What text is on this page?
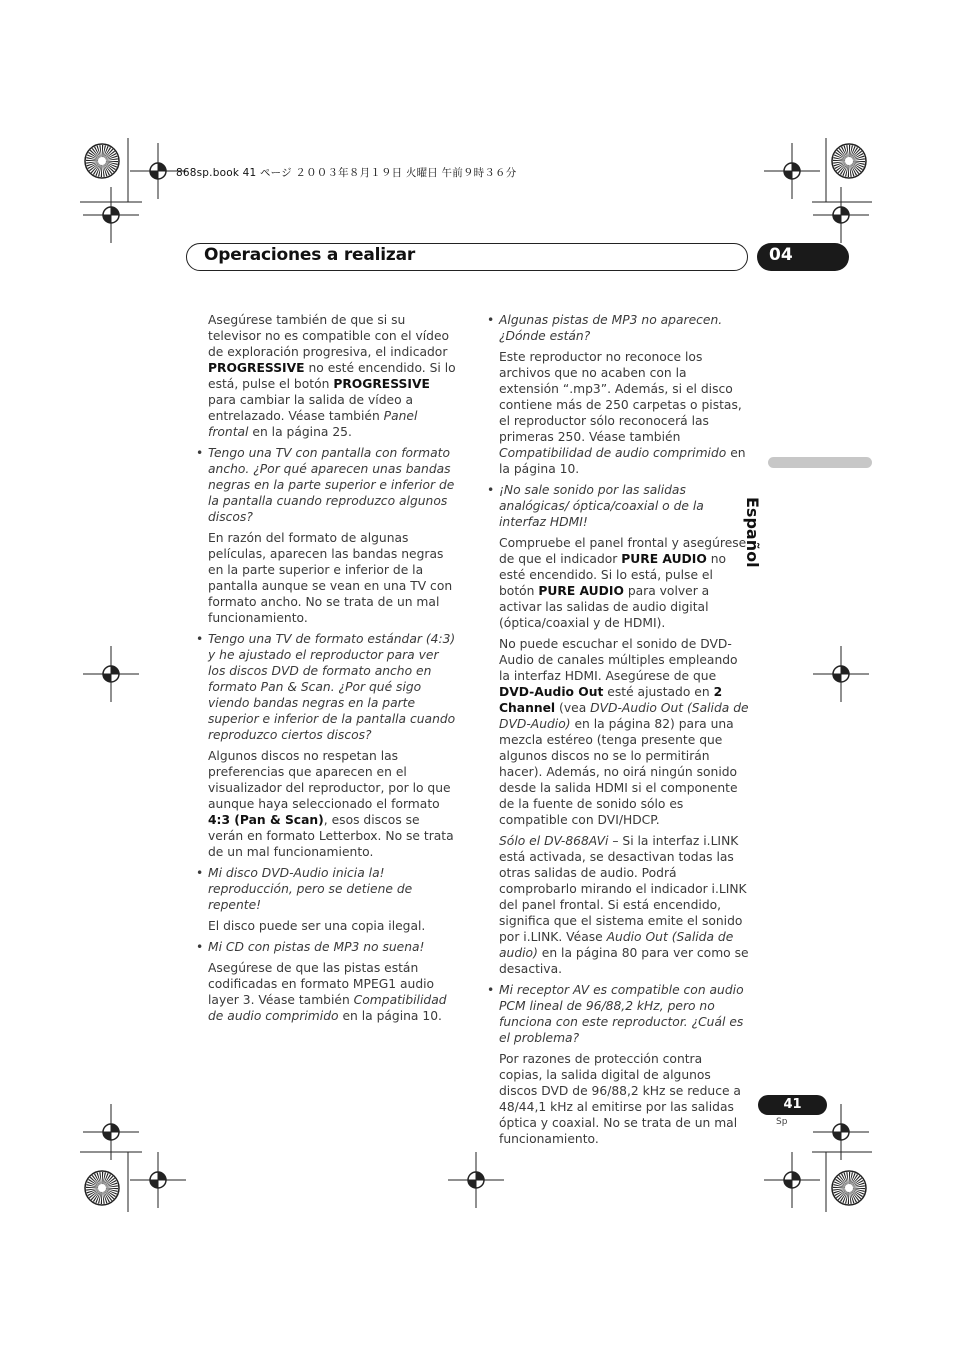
868sp.book 41 ページ ２００３年８月１９日 火曜日 午前９時３６分
Operaciones a realizar	04
Español

Asegúrese también de que si su televisor no es compatible con el vídeo de exploración progresiva, el indicador PROGRESSIVE no esté encendido. Si lo está, pulse el botón PROGRESSIVE para cambiar la salida de vídeo a entrelazado. Véase también Panel frontal en la página 25.

• Tengo una TV con pantalla con formato ancho. ¿Por qué aparecen unas bandas negras en la parte superior e inferior de la pantalla cuando reproduzco algunos discos?

En razón del formato de algunas películas, aparecen las bandas negras en la parte superior e inferior de la pantalla aunque se vean en una TV con formato ancho. No se trata de un mal funcionamiento.

• Tengo una TV de formato estándar (4:3) y he ajustado el reproductor para ver los discos DVD de formato ancho en formato Pan & Scan. ¿Por qué sigo viendo bandas negras en la parte superior e inferior de la pantalla cuando reproduzco ciertos discos?

Algunos discos no respetan las preferencias que aparecen en el visualizador del reproductor, por lo que aunque haya seleccionado el formato 4:3 (Pan & Scan), esos discos se verán en formato Letterbox. No se trata de un mal funcionamiento.

• Mi disco DVD-Audio inicia la! reproducción, pero se detiene de repente!

El disco puede ser una copia ilegal.

• Mi CD con pistas de MP3 no suena!

Asegúrese de que las pistas están codificadas en formato MPEG1 audio layer 3. Véase también Compatibilidad de audio comprimido en la página 10.

• Algunas pistas de MP3 no aparecen. ¿Dónde están?

Este reproductor no reconoce los archivos que no acaben con la extensión “.mp3”. Además, si el disco contiene más de 250 carpetas o pistas, el reproductor sólo reconocerá las primeras 250. Véase también Compatibilidad de audio comprimido en la página 10.

• ¡No sale sonido por las salidas analógicas/ óptica/coaxial o de la interfaz HDMI!

Compruebe el panel frontal y asegúrese de que el indicador PURE AUDIO no esté encendido. Si lo está, pulse el botón PURE AUDIO para volver a activar las salidas de audio digital (óptica/coaxial y de HDMI).

No puede escuchar el sonido de DVD-Audio de canales múltiples empleando la interfaz HDMI. Asegúrese de que DVD-Audio Out esté ajustado en 2 Channel (vea DVD-Audio Out (Salida de DVD-Audio) en la página 82) para una mezcla estéreo (tenga presente que algunos discos no se lo permitirán hacer). Además, no oirá ningún sonido desde la salida HDMI si el componente de la fuente de sonido sólo es compatible con DVI/HDCP.

Sólo el DV-868AVi – Si la interfaz i.LINK está activada, se desactivan todas las otras salidas de audio. Podrá comprobarlo mirando el indicador i.LINK del panel frontal. Si está encendido, significa que el sistema emite el sonido por i.LINK. Véase Audio Out (Salida de audio) en la página 80 para ver como se desactiva.

• Mi receptor AV es compatible con audio PCM lineal de 96/88,2 kHz, pero no funciona con este reproductor. ¿Cuál es el problema?

Por razones de protección contra copias, la salida digital de algunos discos DVD de 96/88,2 kHz se reduce a 48/44,1 kHz al emitirse por las salidas óptica y coaxial. No se trata de un mal funcionamiento.

41
Sp
